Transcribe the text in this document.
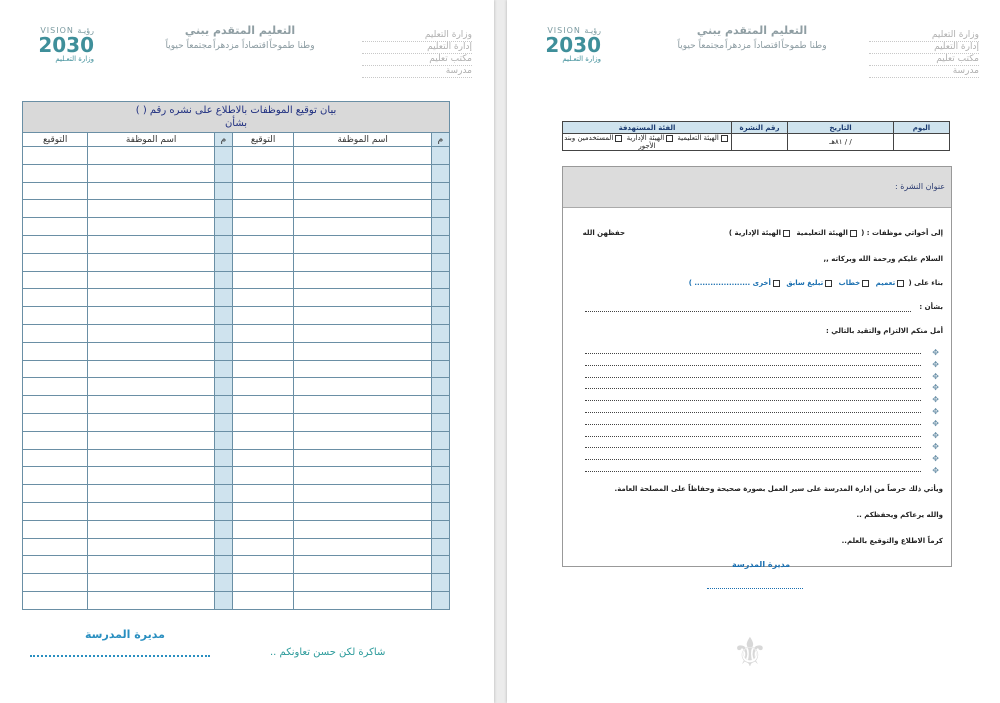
VISION رؤيـة
2030
وزارة التعـليم
التعليم المتقدم يبني
وطنا طموحاً
اقتصاداً مزدهراً
مجتمعاً حيوياً
وزارة التعليم
إدارة التعليم
مكتب تعليم
مدرسة
بيان توقيع الموظفات بالاطلاع على نشره رقم ( )
بشأن					

م	اسم الموظفة	التوقيع	م	اسم الموظفة	التوقيع

مديرة المدرسة
شاكرة لكن حسن تعاونكم ..
VISION رؤيـة
2030
وزارة التعـليم
التعليم المتقدم يبني
وطنا طموحاً
اقتصاداً مزدهراً
مجتمعاً حيوياً
وزارة التعليم
إدارة التعليم
مكتب تعليم
مدرسة
اليوم	التاريخ	رقم النشرة	الفئة المستهدفة
	/ / ٨١هـ		الهيئة التعليمية الهيئة الإدارية المستخدمين وبند الأجور
عنوان النشرة :
إلى أخواتي موظفات : ( الهيئة التعليمية  الهيئة الإدارية )
حفظهن الله
السلام عليكم ورحمة الله وبركاته ,,
بناء على ( تعميم  خطاب  تبليغ سابق  أخرى ..................... )
بشأن :
أمل منكم الالتزام والتقيد بالتالي :
✥
✥
✥
✥
✥
✥
✥
✥
✥
✥
✥
ويأتي ذلك حرصاً من إدارة المدرسة على سير العمل بصورة صحيحة وحفاظاً على المصلحة العامة.
والله يرعاكم ويحفظكم ..
كرماً الاطلاع والتوقيع بالعلم..
مديرة المدرسة
⚜
